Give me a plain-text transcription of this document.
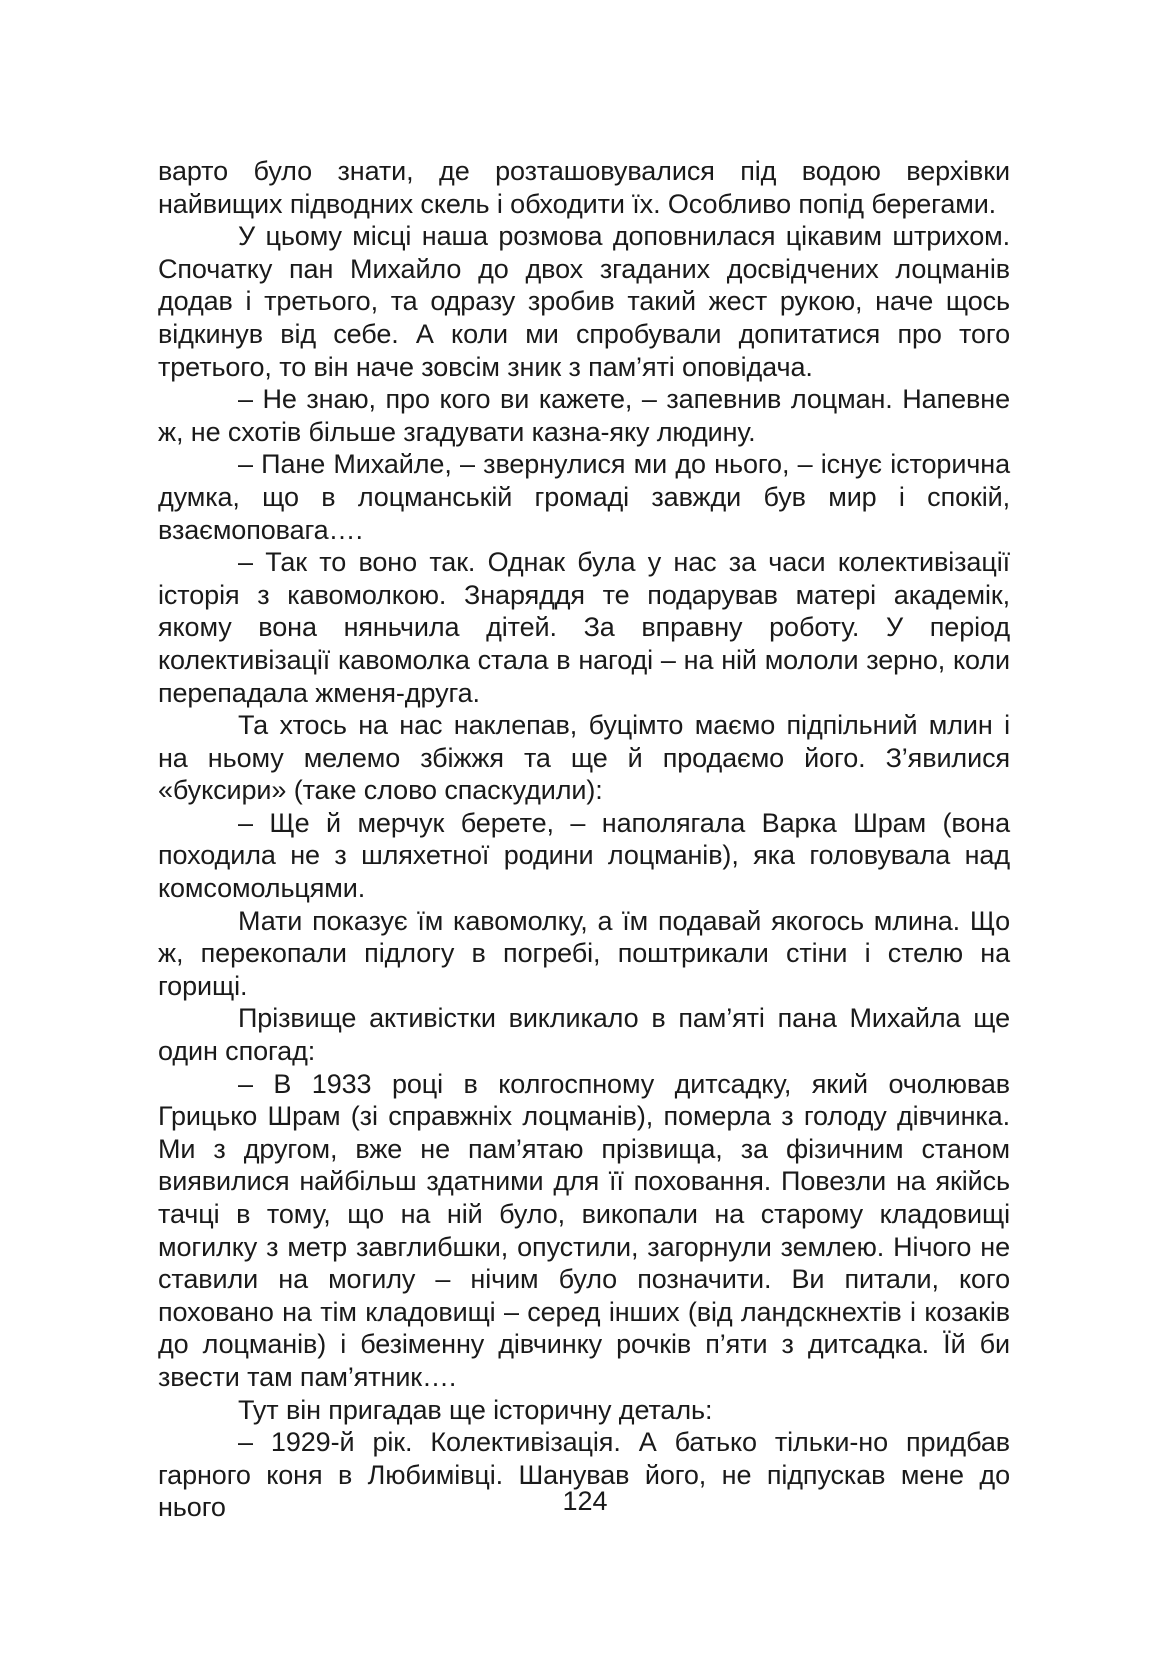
варто було знати, де розташовувалися під водою верхівки найвищих підводних скель і обходити їх. Особливо попід берегами.

У цьому місці наша розмова доповнилася цікавим штрихом. Спочатку пан Михайло до двох згаданих досвідчених лоцманів додав і третього, та одразу зробив такий жест рукою, наче щось відкинув від себе. А коли ми спробували допитатися про того третього, то він наче зовсім зник з пам’яті оповідача.

– Не знаю, про кого ви кажете, – запевнив лоцман. Напевне ж, не схотів більше згадувати казна-яку людину.

– Пане Михайле, – звернулися ми до нього, – існує історична думка, що в лоцманській громаді завжди був мир і спокій, взаємоповага….

– Так то воно так. Однак була у нас за часи колективізації історія з кавомолкою. Знаряддя те подарував матері академік, якому вона няньчила дітей. За вправну роботу. У період колективізації кавомолка стала в нагоді – на ній мололи зерно, коли перепадала жменя-друга.

Та хтось на нас наклепав, буцімто маємо підпільний млин і на ньому мелемо збіжжя та ще й продаємо його. З’явилися «буксири» (таке слово спаскудили):

– Ще й мерчук берете, – наполягала Варка Шрам (вона походила не з шляхетної родини лоцманів), яка головувала над комсомольцями.

Мати показує їм кавомолку, а їм подавай якогось млина. Що ж, перекопали підлогу в погребі, поштрикали стіни і стелю на горищі.

Прізвище активістки викликало в пам’яті пана Михайла ще один спогад:

– В 1933 році в колгоспному дитсадку, який очолював Грицько Шрам (зі справжніх лоцманів), померла з голоду дівчинка. Ми з другом, вже не пам’ятаю прізвища, за фізичним станом виявилися найбільш здатними для її поховання. Повезли на якійсь тачці в тому, що на ній було, викопали на старому кладовищі могилку з метр завглибшки, опустили, загорнули землею. Нічого не ставили на могилу – нічим було позначити. Ви питали, кого поховано на тім кладовищі – серед інших (від ландскнехтів і козаків до лоцманів) і безіменну дівчинку рочків п’яти з дитсадка. Їй би звести там пам’ятник….

Тут він пригадав ще історичну деталь:

– 1929-й рік. Колективізація. А батько тільки-но придбав гарного коня в Любимівці. Шанував його, не підпускав мене до нього	124
